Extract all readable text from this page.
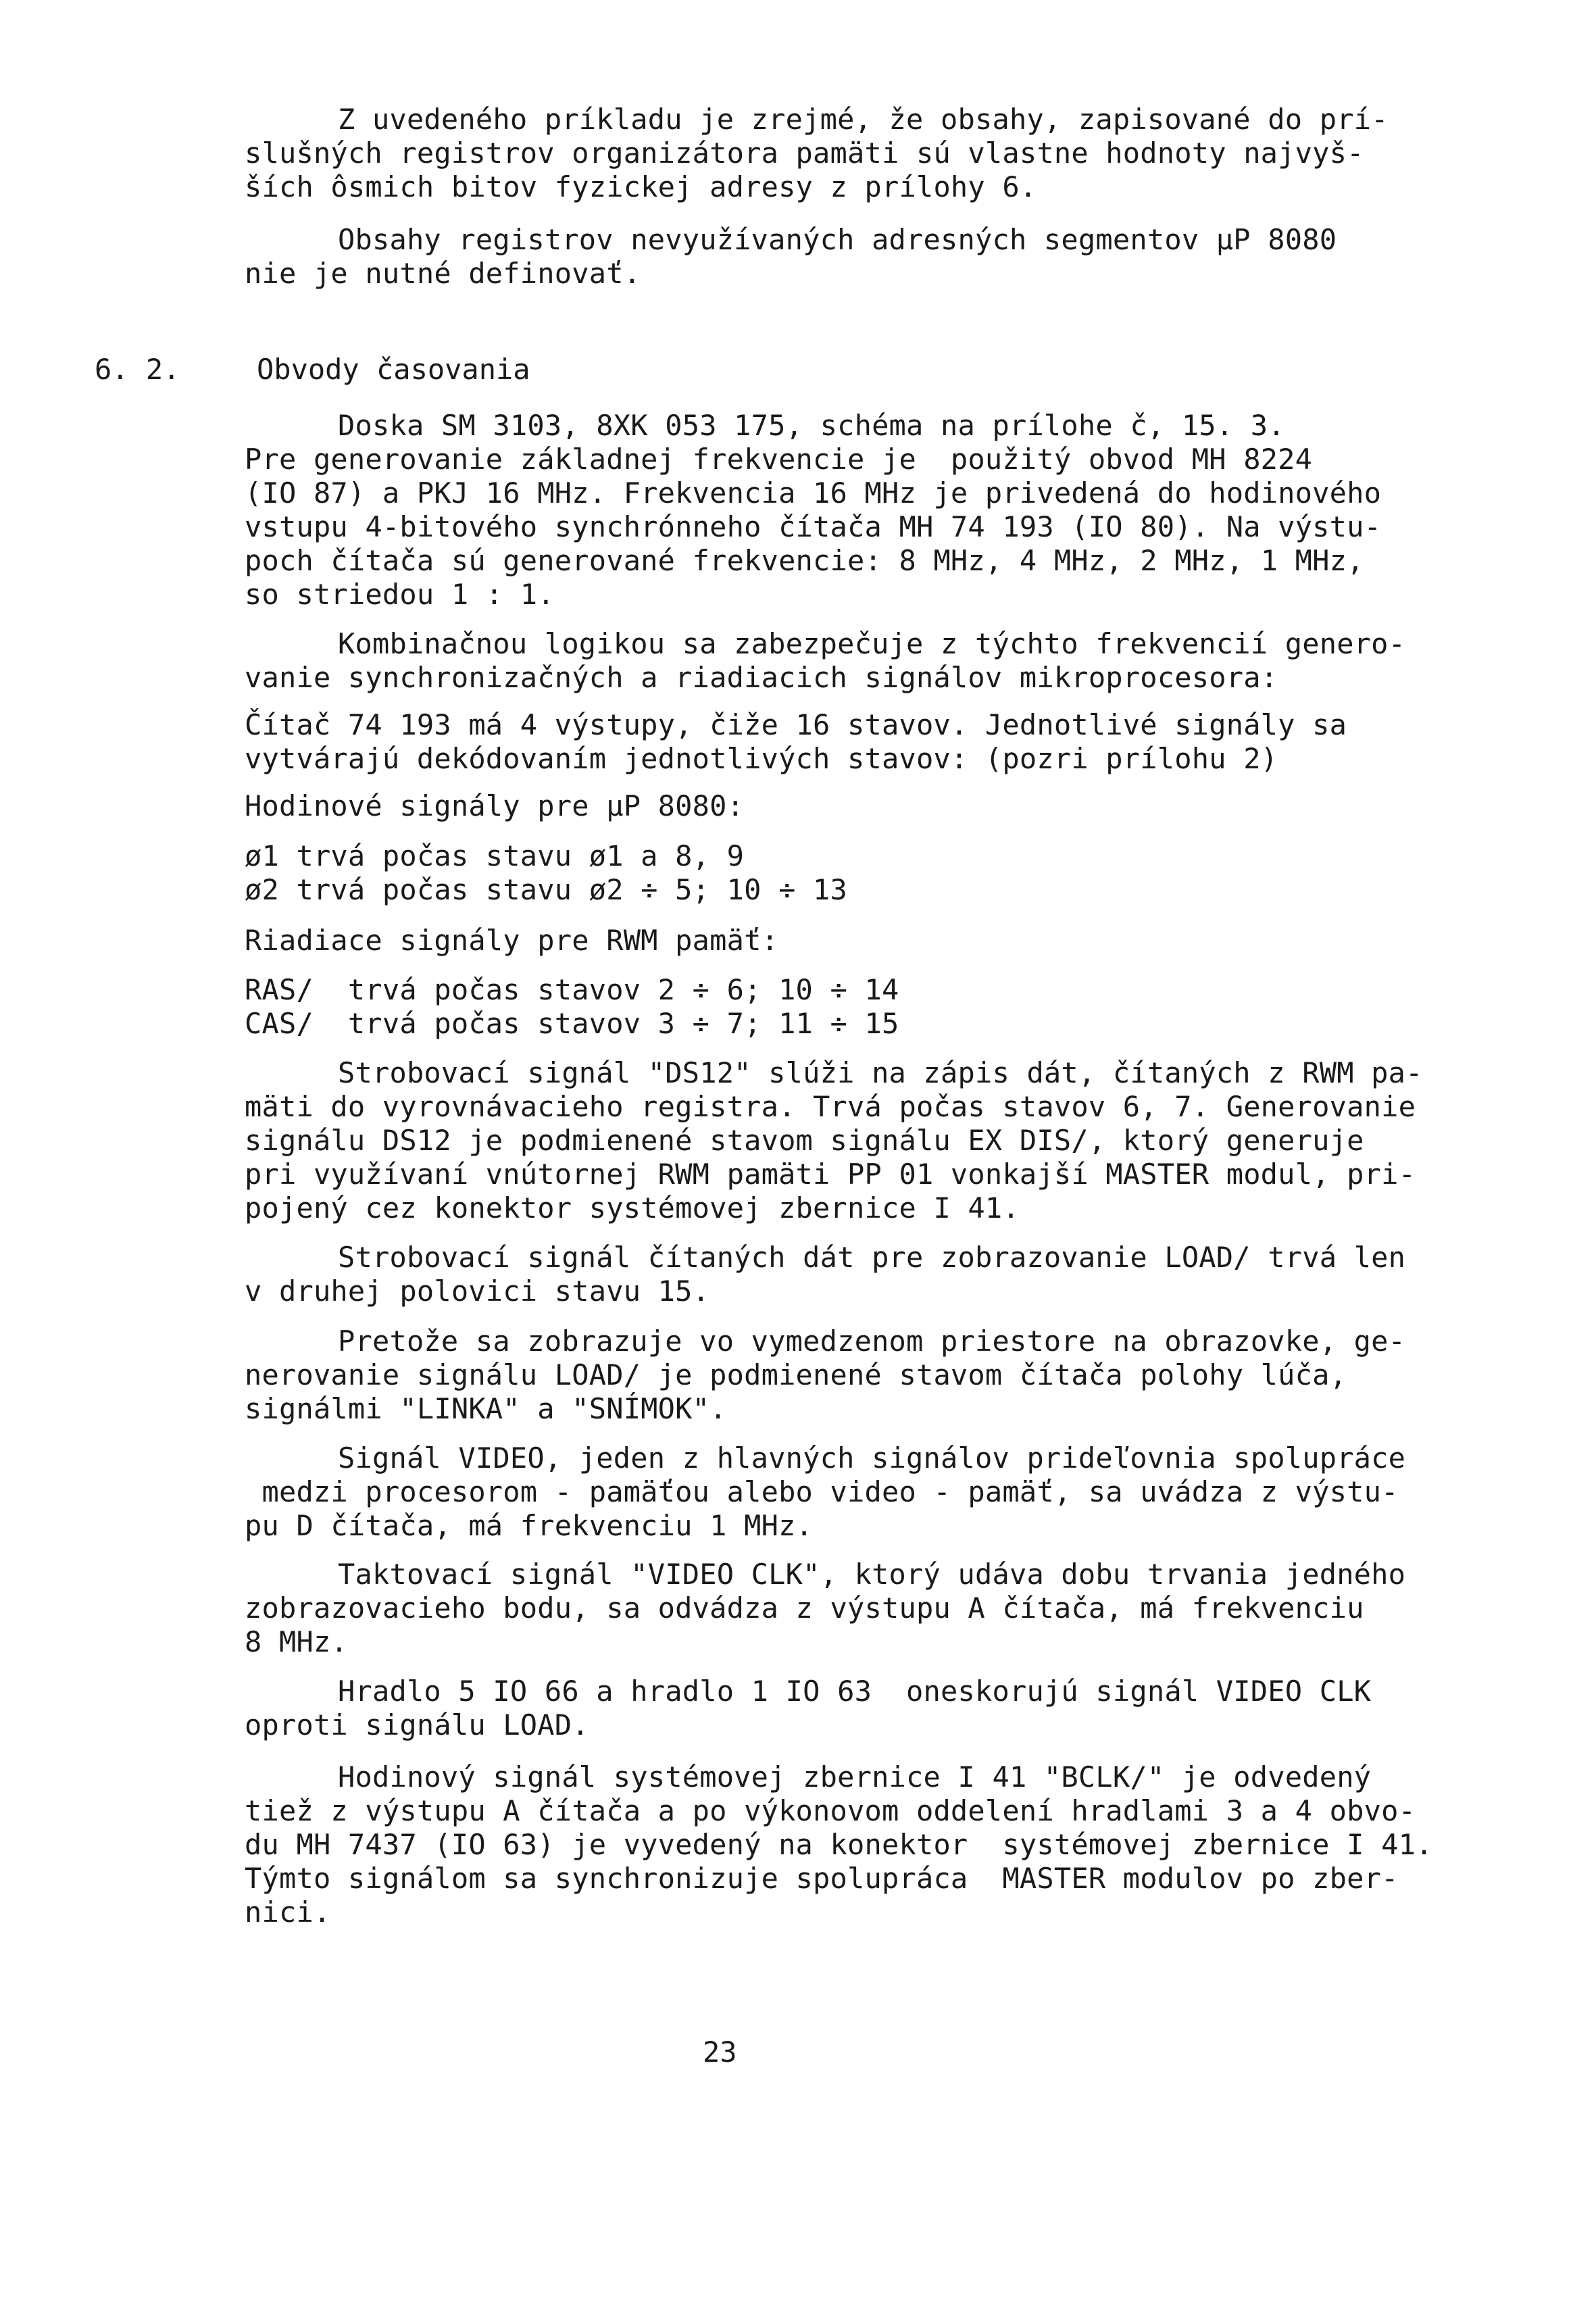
Z uvedeného príkladu je zrejmé, že obsahy, zapisované do prí-
slušných registrov organizátora pamäti sú vlastne hodnoty najvyš-
ších ôsmich bitov fyzickej adresy z prílohy 6.
Obsahy registrov nevyužívaných adresných segmentov μP 8080
nie je nutné definovať.
6. 2.	Obvody časovania
Doska SM 3103, 8XK 053 175, schéma na prílohe č, 15. 3.
Pre generovanie základnej frekvencie je  použitý obvod MH 8224
(IO 87) a PKJ 16 MHz. Frekvencia 16 MHz je privedená do hodinového
vstupu 4-bitového synchrónneho čítača MH 74 193 (IO 80). Na výstu-
poch čítača sú generované frekvencie: 8 MHz, 4 MHz, 2 MHz, 1 MHz,
so striedou 1 : 1.
Kombinačnou logikou sa zabezpečuje z týchto frekvencií genero-
vanie synchronizačných a riadiacich signálov mikroprocesora:
Čítač 74 193 má 4 výstupy, čiže 16 stavov. Jednotlivé signály sa
vytvárajú dekódovaním jednotlivých stavov: (pozri prílohu 2)
Hodinové signály pre μP 8080:
ø1 trvá počas stavu ø1 a 8, 9
ø2 trvá počas stavu ø2 ÷ 5; 10 ÷ 13
Riadiace signály pre RWM pamäť:
RAS/  trvá počas stavov 2 ÷ 6; 10 ÷ 14
CAS/  trvá počas stavov 3 ÷ 7; 11 ÷ 15
Strobovací signál "DS12" slúži na zápis dát, čítaných z RWM pa-
mäti do vyrovnávacieho registra. Trvá počas stavov 6, 7. Generovanie
signálu DS12 je podmienené stavom signálu EX DIS/, ktorý generuje
pri využívaní vnútornej RWM pamäti PP 01 vonkajší MASTER modul, pri-
pojený cez konektor systémovej zbernice I 41.
Strobovací signál čítaných dát pre zobrazovanie LOAD/ trvá len
v druhej polovici stavu 15.
Pretože sa zobrazuje vo vymedzenom priestore na obrazovke, ge-
nerovanie signálu LOAD/ je podmienené stavom čítača polohy lúča,
signálmi "LINKA" a "SNÍMOK".
Signál VIDEO, jeden z hlavných signálov prideľovnia spolupráce
medzi procesorom - pamäťou alebo video - pamäť, sa uvádza z výstu-
pu D čítača, má frekvenciu 1 MHz.
Taktovací signál "VIDEO CLK", ktorý udáva dobu trvania jedného
zobrazovacieho bodu, sa odvádza z výstupu A čítača, má frekvenciu
8 MHz.
Hradlo 5 IO 66 a hradlo 1 IO 63  oneskorujú signál VIDEO CLK
oproti signálu LOAD.
Hodinový signál systémovej zbernice I 41 "BCLK/" je odvedený
tiež z výstupu A čítača a po výkonovom oddelení hradlami 3 a 4 obvo-
du MH 7437 (IO 63) je vyvedený na konektor  systémovej zbernice I 41.
Týmto signálom sa synchronizuje spolupráca  MASTER modulov po zber-
nici.
23
